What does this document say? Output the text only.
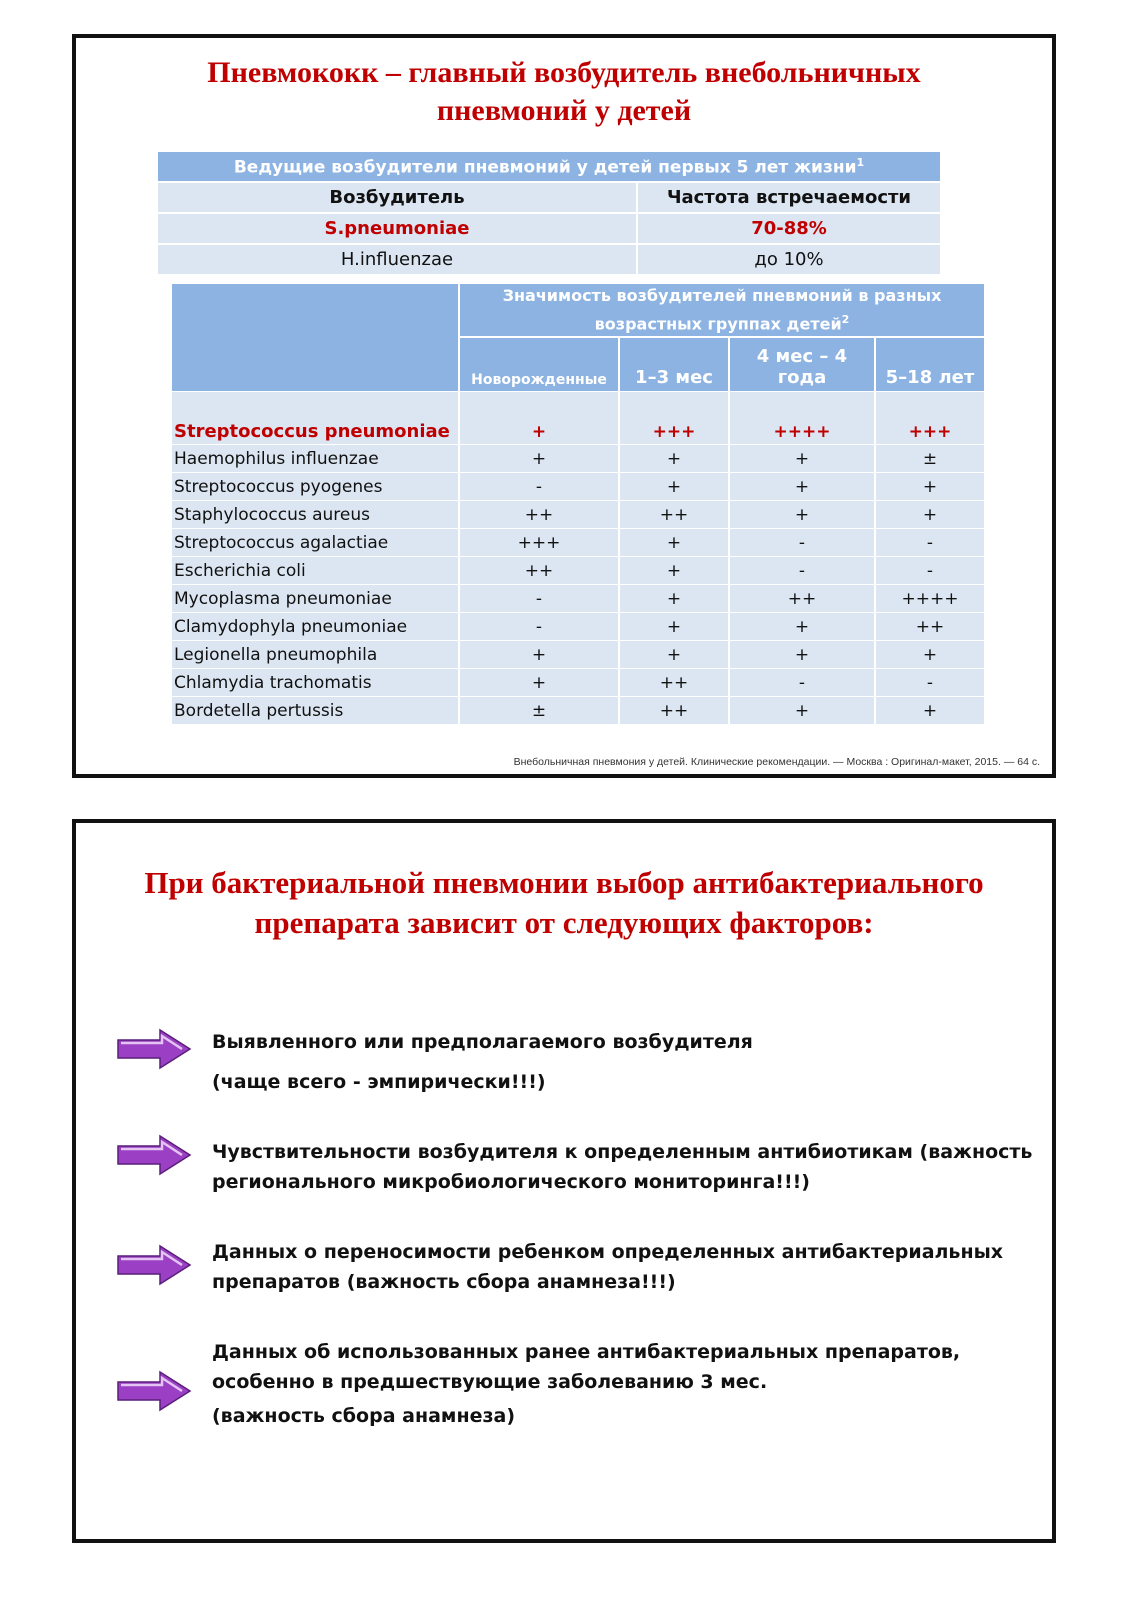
Пневмококк – главный возбудитель внебольничных
пневмоний у детей
Ведущие возбудители пневмоний у детей первых 5 лет жизни$^1$
Возбудитель	Частота встречаемости
S.pneumoniae	70-88%
H.influenzae	до 10%
	Значимость возбудителей пневмоний в разных
возрастных группах детей$^2$
	Новорожденные	1–3 мес	4 мес – 4 года	5–18 лет
Streptococcus pneumoniae	+	+++	++++	+++
Haemophilus influenzae	+	+	+	±
Streptococcus pyogenes	-	+	+	+
Staphylococcus aureus	++	++	+	+
Streptococcus agalactiae	+++	+	-	-
Escherichia coli	++	+	-	-
Mycoplasma pneumoniae	-	+	++	++++
Clamydophyla pneumoniae	-	+	+	++
Legionella pneumophila	+	+	+	+
Chlamydia trachomatis	+	++	-	-
Bordetella pertussis	±	++	+	+
Внебольничная пневмония у детей. Клинические рекомендации. — Москва : Оригинал-макет, 2015. — 64 с.
При бактериальной пневмонии выбор антибактериального
препарата зависит от следующих факторов:
Выявленного или предполагаемого возбудителя
(чаще всего - эмпирически!!!)
Чувствительности возбудителя к определенным антибиотикам (важность
регионального микробиологического мониторинга!!!)
Данных о переносимости ребенком определенных антибактериальных
препаратов (важность сбора анамнеза!!!)
Данных об использованных ранее антибактериальных препаратов,
особенно в предшествующие заболеванию 3 мес.
(важность сбора анамнеза)
